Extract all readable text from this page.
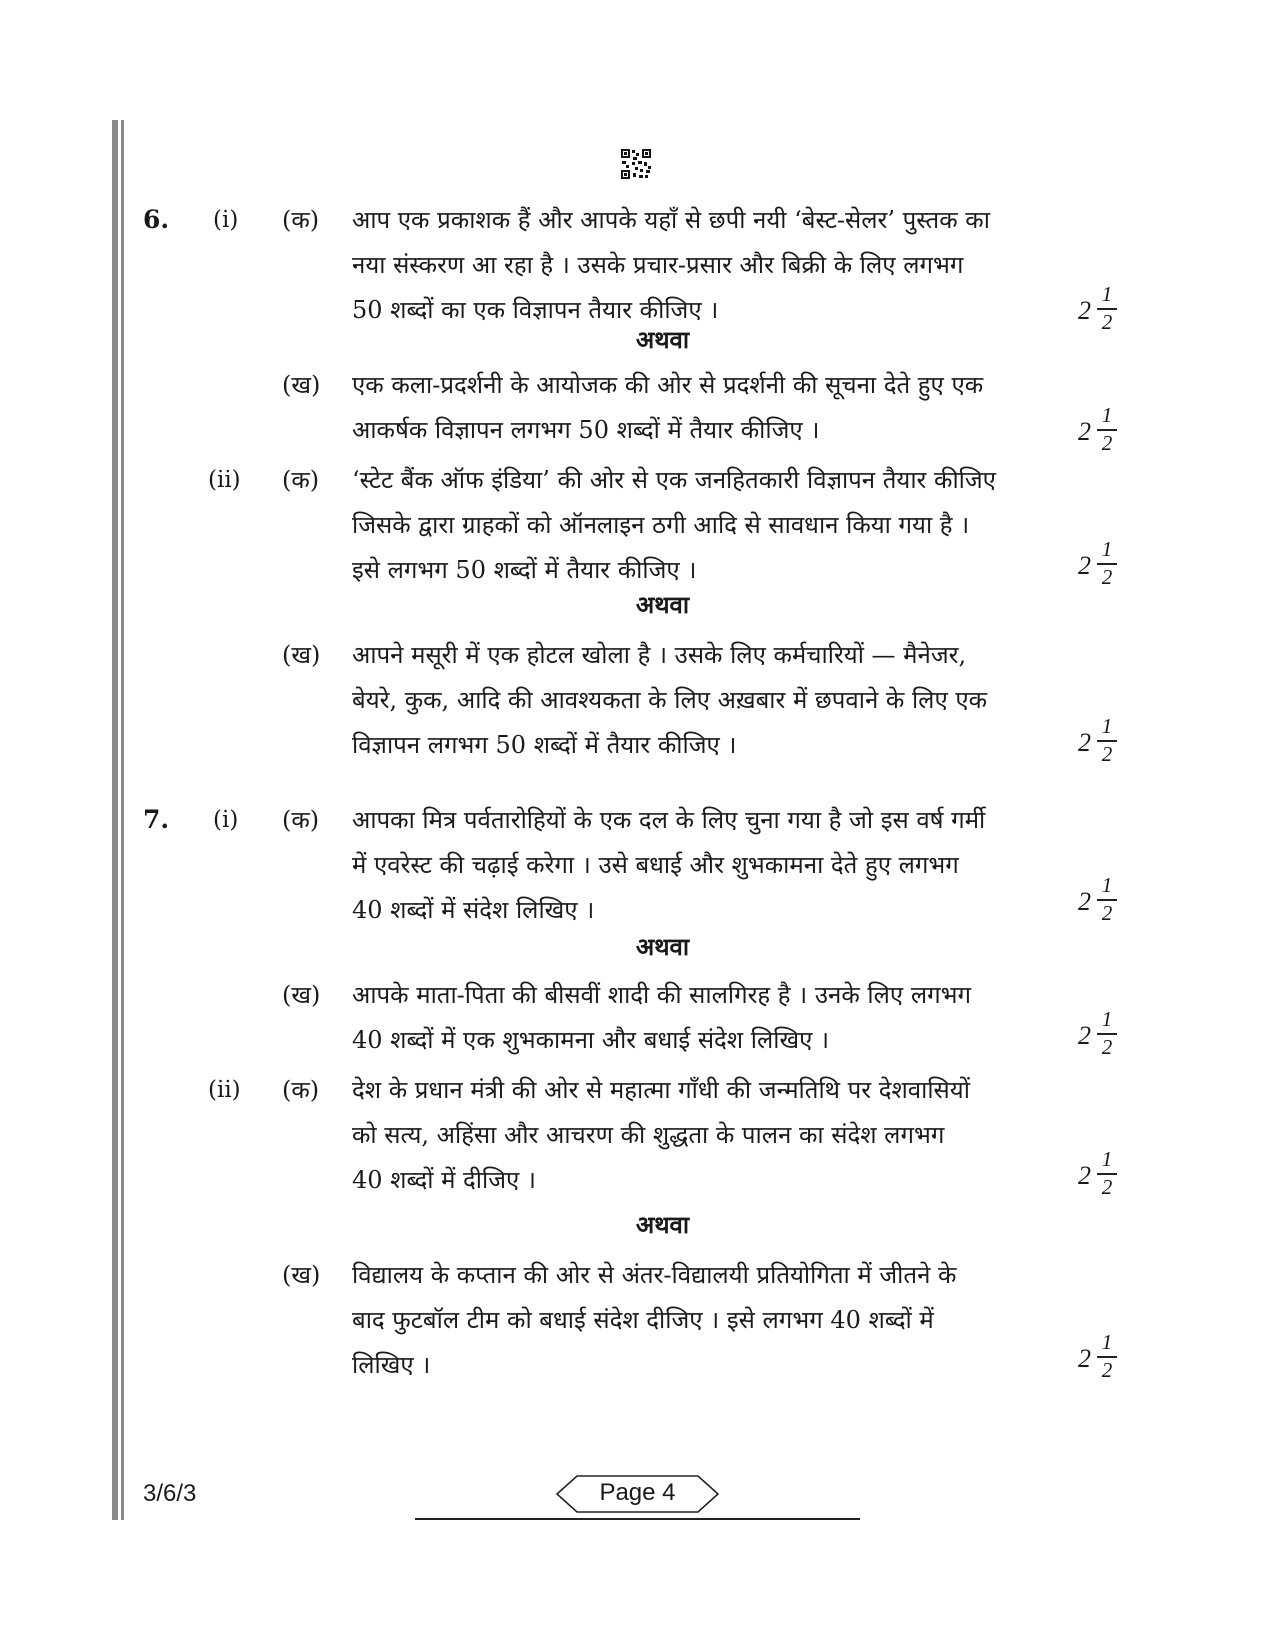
6. (i) (क) आप एक प्रकाशक हैं और आपके यहाँ से छपी नयी ‘बेस्ट-सेलर’ पुस्तक का
नया संस्करण आ रहा है । उसके प्रचार-प्रसार और बिक्री के लिए लगभग
50 शब्दों का एक विज्ञापन तैयार कीजिए ।	2
1
2
अथवा
(ख) एक कला-प्रदर्शनी के आयोजक की ओर से प्रदर्शनी की सूचना देते हुए एक
आकर्षक विज्ञापन लगभग 50 शब्दों में तैयार कीजिए ।	2
1
2
(ii) (क) ‘स्टेट बैंक ऑफ इंडिया’ की ओर से एक जनहितकारी विज्ञापन तैयार कीजिए
जिसके द्वारा ग्राहकों को ऑनलाइन ठगी आदि से सावधान किया गया है ।
इसे लगभग 50 शब्दों में तैयार कीजिए ।	2
1
2
अथवा
(ख) आपने मसूरी में एक होटल खोला है । उसके लिए कर्मचारियों — मैनेजर,
बेयरे, कुक, आदि की आवश्यकता के लिए अख़बार में छपवाने के लिए एक
विज्ञापन लगभग 50 शब्दों में तैयार कीजिए ।	2
1
2
7. (i) (क) आपका मित्र पर्वतारोहियों के एक दल के लिए चुना गया है जो इस वर्ष गर्मी
में एवरेस्ट की चढ़ाई करेगा । उसे बधाई और शुभकामना देते हुए लगभग
40 शब्दों में संदेश लिखिए ।	2
1
2
अथवा
(ख) आपके माता-पिता की बीसवीं शादी की सालगिरह है । उनके लिए लगभग
40 शब्दों में एक शुभकामना और बधाई संदेश लिखिए ।	2
1
2
(ii) (क) देश के प्रधान मंत्री की ओर से महात्मा गाँधी की जन्मतिथि पर देशवासियों
को सत्य, अहिंसा और आचरण की शुद्धता के पालन का संदेश लगभग
40 शब्दों में दीजिए ।	2
1
2
अथवा
(ख) विद्यालय के कप्तान की ओर से अंतर-विद्यालयी प्रतियोगिता में जीतने के
बाद फुटबॉल टीम को बधाई संदेश दीजिए । इसे लगभग 40 शब्दों में
लिखिए ।	2
1
2
3/6/3	Page 4
